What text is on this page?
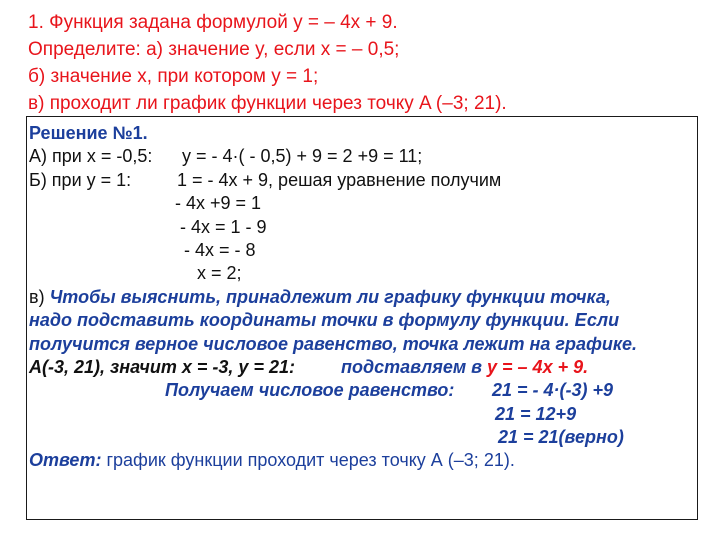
1. Функция задана формулой y = – 4x + 9.
Определите: а) значение y, если x = – 0,5;
б) значение x, при котором y = 1;
в) проходит ли график функции через точку A (–3; 21).
Решение №1.
А) при х = -0,5: у = - 4·( - 0,5) + 9 = 2 +9 = 11;
Б) при у = 1:	1 = - 4х + 9, решая уравнение получим
- 4х +9 = 1
- 4х = 1 - 9
- 4х = - 8
х = 2;
в) Чтобы выяснить, принадлежит ли графику функции точка,
надо подставить координаты точки в формулу функции. Если
получится верное числовое равенство, точка лежит на графике.
А(-3, 21), значит х = -3, у = 21:	подставляем в у = – 4х + 9.
Получаем числовое равенство: 21 = - 4·(-3) +9
21 = 12+9
21 = 21(верно)
Ответ: график функции проходит через точку А (–3; 21).
